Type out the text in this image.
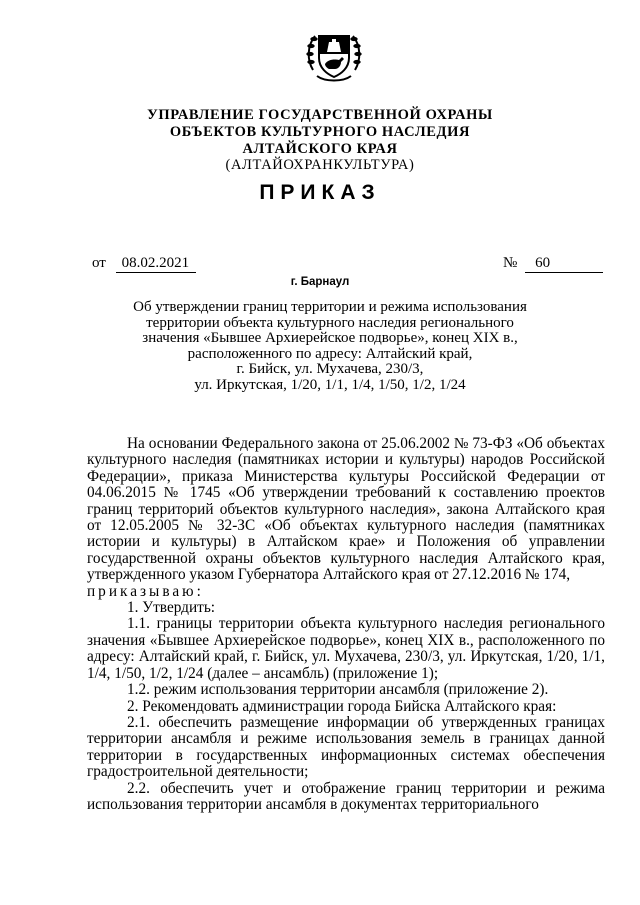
УПРАВЛЕНИЕ ГОСУДАРСТВЕННОЙ ОХРАНЫ
ОБЪЕКТОВ КУЛЬТУРНОГО НАСЛЕДИЯ
АЛТАЙСКОГО КРАЯ
(АЛТАЙОХРАНКУЛЬТУРА)
ПРИКАЗ
от 08.02.2021	№ 60
г. Барнаул
Об утверждении границ территории и режима использования
территории объекта культурного наследия регионального
значения «Бывшее Архиерейское подворье», конец XIX в.,
расположенного по адресу: Алтайский край,
г. Бийск, ул. Мухачева, 230/3,
ул. Иркутская, 1/20, 1/1, 1/4, 1/50, 1/2, 1/24

На основании Федерального закона от 25.06.2002 № 73-ФЗ «Об объектах культурного наследия (памятниках истории и культуры) народов Российской Федерации», приказа Министерства культуры Российской Федерации от 04.06.2015 № 1745 «Об утверждении требований к составлению проектов границ территорий объектов культурного наследия», закона Алтайского края от 12.05.2005 № 32-ЗС «Об объектах культурного наследия (памятниках истории и культуры) в Алтайском крае» и Положения об управлении государственной охраны объектов культурного наследия Алтайского края, утвержденного указом Губернатора Алтайского края от 27.12.2016 № 174,

приказываю:

1. Утвердить:

1.1. границы территории объекта культурного наследия регионального значения «Бывшее Архиерейское подворье», конец XIX в., расположенного по адресу: Алтайский край, г. Бийск, ул. Мухачева, 230/3, ул. Иркутская, 1/20, 1/1, 1/4, 1/50, 1/2, 1/24 (далее – ансамбль) (приложение 1);

1.2. режим использования территории ансамбля (приложение 2).

2. Рекомендовать администрации города Бийска Алтайского края:

2.1. обеспечить размещение информации об утвержденных границах территории ансамбля и режиме использования земель в границах данной территории в государственных информационных системах обеспечения градостроительной деятельности;

2.2. обеспечить учет и отображение границ территории и режима использования территории ансамбля в документах территориального
